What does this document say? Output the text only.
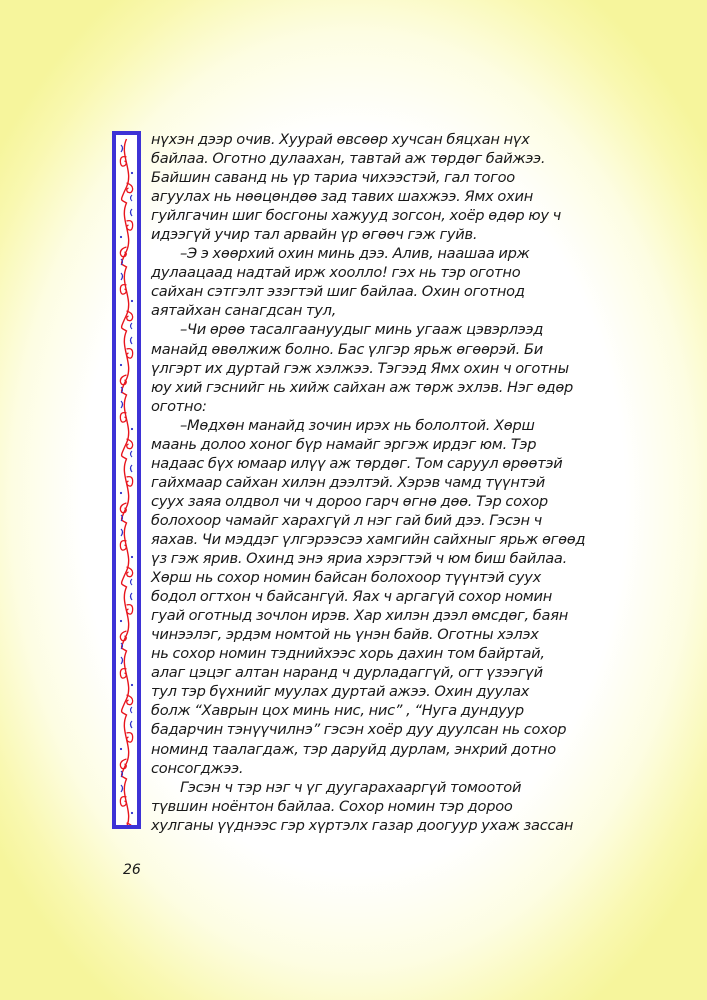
нүхэн дээр очив. Хуурай өвсөөр хучсан бяцхан нүх
байлаа. Оготно дулаахан, тавтай аж төрдөг байжээ.
Байшин саванд нь үр тариа чихээстэй, гал тогоо
агуулах нь нөөцөндөө зад тавих шахжээ. Ямх охин
гуйлгачин шиг босгоны хажууд зогсон, хоёр өдөр юу ч
идээгүй учир тал арвайн үр өгөөч гэж гуйв.
–Э э хөөрхий охин минь дээ. Алив, наашаа ирж
дулаацаад надтай ирж хоолло! гэх нь тэр оготно
сайхан сэтгэлт эзэгтэй шиг байлаа. Охин оготнод
аятайхан санагдсан тул,
–Чи өрөө тасалгаануудыг минь угааж цэвэрлээд
манайд өвөлжиж болно. Бас үлгэр ярьж өгөөрэй. Би
үлгэрт их дуртай гэж хэлжээ. Тэгээд Ямх охин ч оготны
юу хий гэснийг нь хийж сайхан аж төрж эхлэв. Нэг өдөр
оготно:
–Мөдхөн манайд зочин ирэх нь бололтой. Хөрш
маань долоо хоног бүр намайг эргэж ирдэг юм. Тэр
надаас бүх юмаар илүү аж төрдөг. Том саруул өрөөтэй
гайхмаар сайхан хилэн дээлтэй. Хэрэв чамд түүнтэй
суух заяа олдвол чи ч дороо гарч өгнө дөө. Тэр сохор
болохоор чамайг харахгүй л нэг гай бий дээ. Гэсэн ч
яахав. Чи мэддэг үлгэрээсээ хамгийн сайхныг ярьж өгөөд
үз гэж ярив. Охинд энэ яриа хэрэгтэй ч юм биш байлаа.
Хөрш нь сохор номин байсан болохоор түүнтэй суух
бодол огтхон ч байсангүй. Яах ч аргагүй сохор номин
гуай оготныд зочлон ирэв. Хар хилэн дээл өмсдөг, баян
чинээлэг, эрдэм номтой нь үнэн байв. Оготны хэлэх
нь сохор номин тэднийхээс хорь дахин том байртай,
алаг цэцэг алтан наранд ч дурладаггүй, огт үзээгүй
тул тэр бүхнийг муулах дуртай ажээ. Охин дуулах
болж “Хаврын цох минь нис, нис” , “Нуга дундуур
бадарчин тэнүүчилнэ” гэсэн хоёр дуу дуулсан нь сохор
номинд таалагдаж, тэр даруйд дурлам, энхрий дотно
сонсогджээ.
Гэсэн ч тэр нэг ч үг дуугарахааргүй томоотой
түвшин ноёнтон байлаа. Сохор номин тэр дороо
хулганы үүднээс гэр хүртэлх газар доогуур ухаж зассан
26
